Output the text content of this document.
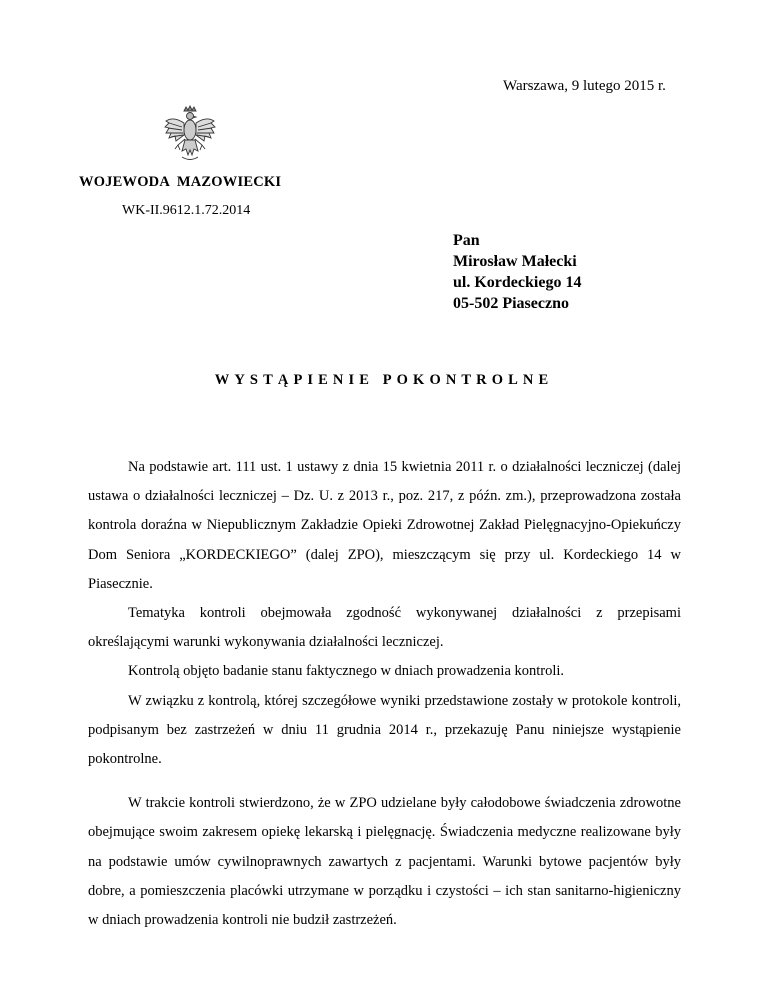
Warszawa, 9 lutego 2015 r.
WOJEWODA  MAZOWIECKI
WK-II.9612.1.72.2014
Pan
Mirosław Małecki
ul. Kordeckiego 14
05-502 Piaseczno
WYSTĄPIENIE POKONTROLNE

Na podstawie art. 111 ust. 1 ustawy z dnia 15 kwietnia 2011 r. o działalności leczniczej (dalej ustawa o działalności leczniczej – Dz. U. z 2013 r., poz. 217, z późn. zm.), przeprowadzona została kontrola doraźna w Niepublicznym Zakładzie Opieki Zdrowotnej Zakład Pielęgnacyjno-Opiekuńczy Dom Seniora „KORDECKIEGO” (dalej ZPO), mieszczącym się przy ul. Kordeckiego 14 w Piasecznie.

Tematyka kontroli obejmowała zgodność wykonywanej działalności z przepisami określającymi warunki wykonywania działalności leczniczej.

Kontrolą objęto badanie stanu faktycznego w dniach prowadzenia kontroli.

W związku z kontrolą, której szczegółowe wyniki przedstawione zostały w protokole kontroli, podpisanym bez zastrzeżeń w dniu 11 grudnia 2014 r., przekazuję Panu niniejsze wystąpienie pokontrolne.

W trakcie kontroli stwierdzono, że w ZPO udzielane były całodobowe świadczenia zdrowotne obejmujące swoim zakresem opiekę lekarską i pielęgnację. Świadczenia medyczne realizowane były na podstawie umów cywilnoprawnych zawartych z pacjentami. Warunki bytowe pacjentów były dobre, a pomieszczenia placówki utrzymane w porządku i czystości – ich stan sanitarno-higieniczny w dniach prowadzenia kontroli nie budził zastrzeżeń.
